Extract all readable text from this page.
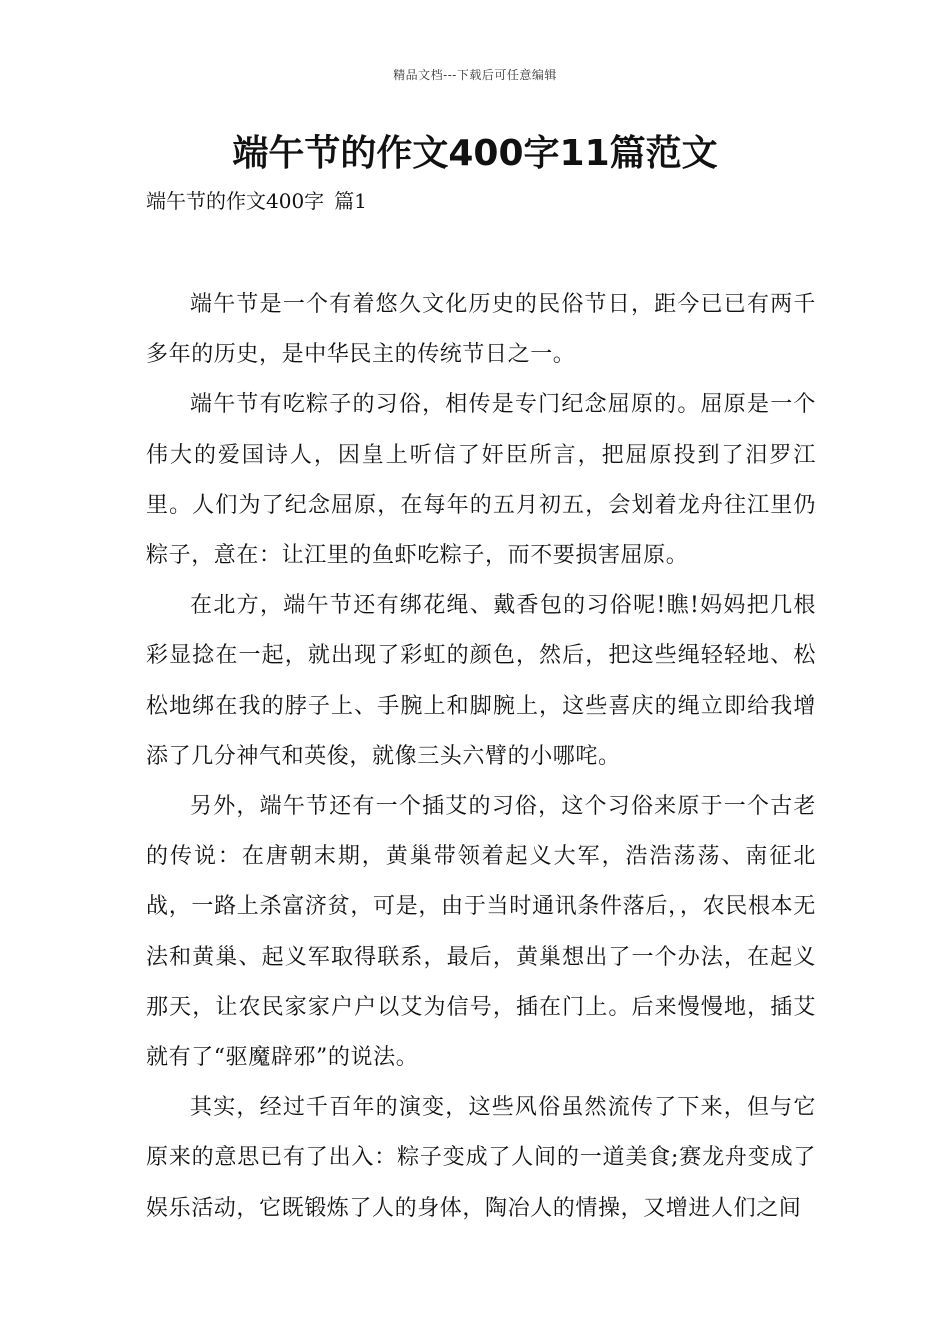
精品文档---下载后可任意编辑
端午节的作文400字11篇范文
端午节的作文400字 篇1

端午节是一个有着悠久文化历史的民俗节日，距今已已有两千多年的历史，是中华民主的传统节日之一。

端午节有吃粽子的习俗，相传是专门纪念屈原的。屈原是一个伟大的爱国诗人，因皇上听信了奸臣所言，把屈原投到了汨罗江里。人们为了纪念屈原，在每年的五月初五，会划着龙舟往江里仍粽子，意在：让江里的鱼虾吃粽子，而不要损害屈原。

在北方，端午节还有绑花绳、戴香包的习俗呢!瞧!妈妈把几根彩显捻在一起，就出现了彩虹的颜色，然后，把这些绳轻轻地、松松地绑在我的脖子上、手腕上和脚腕上，这些喜庆的绳立即给我增添了几分神气和英俊，就像三头六臂的小哪咤。

另外，端午节还有一个插艾的习俗，这个习俗来原于一个古老的传说：在唐朝末期，黄巢带领着起义大军，浩浩荡荡、南征北战，一路上杀富济贫，可是，由于当时通讯条件落后，，农民根本无法和黄巢、起义军取得联系，最后，黄巢想出了一个办法，在起义那天，让农民家家户户以艾为信号，插在门上。后来慢慢地，插艾就有了“驱魔辟邪”的说法。

其实，经过千百年的演变，这些风俗虽然流传了下来，但与它原来的意思已有了出入：粽子变成了人间的一道美食;赛龙舟变成了娱乐活动，它既锻炼了人的身体，陶冶人的情操，又增进人们之间
